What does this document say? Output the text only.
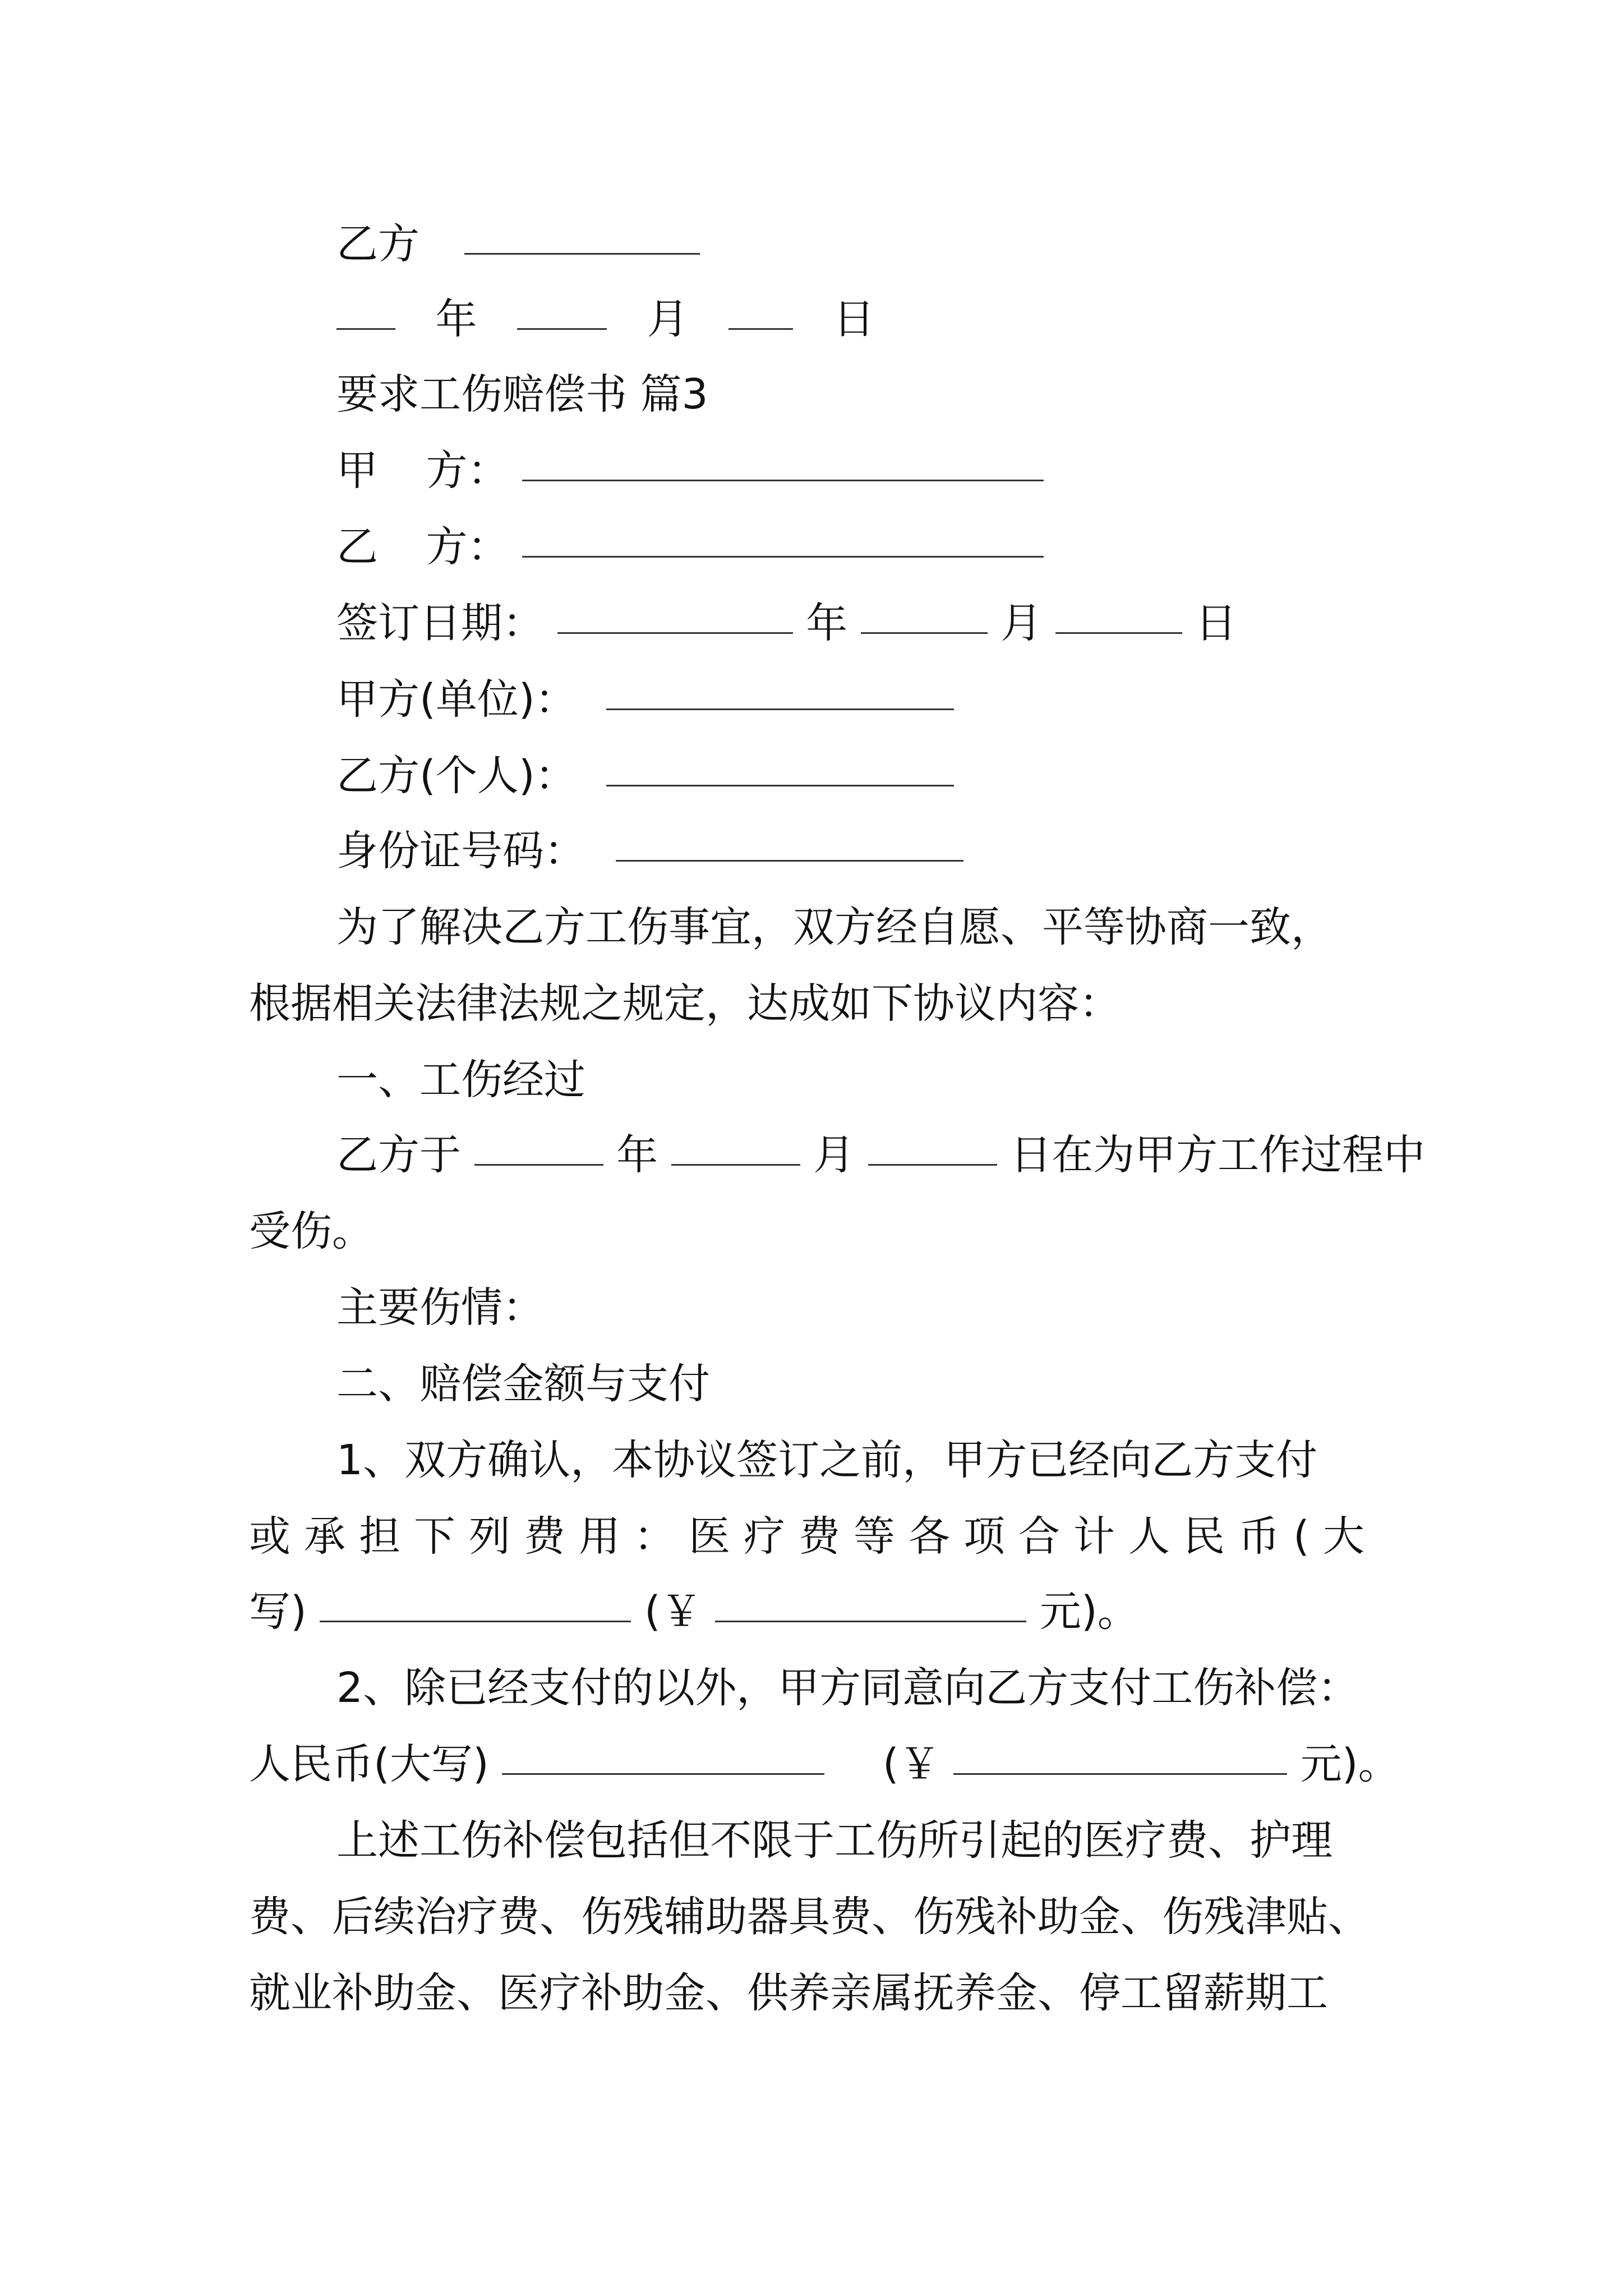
乙方
年	月	日
要求工伤赔偿书 篇3
甲 方：
乙 方：
签订日期：	年	月	日
甲方(单位)：
乙方(个人)：
身份证号码：
为了解决乙方工伤事宜，双方经自愿、平等协商一致，
根据相关法律法规之规定，达成如下协议内容：
一、工伤经过
乙方于	年	月	日在为甲方工作过程中
受伤。
主要伤情：
二、赔偿金额与支付
1、双方确认，本协议签订之前，甲方已经向乙方支付
或承担下列费用：医疗费等各项合计人民币(大
写)	(￥	元)。
2、除已经支付的以外，甲方同意向乙方支付工伤补偿：
人民币(大写)	(￥	元)。
上述工伤补偿包括但不限于工伤所引起的医疗费、护理
费、后续治疗费、伤残辅助器具费、伤残补助金、伤残津贴、
就业补助金、医疗补助金、供养亲属抚养金、停工留薪期工
